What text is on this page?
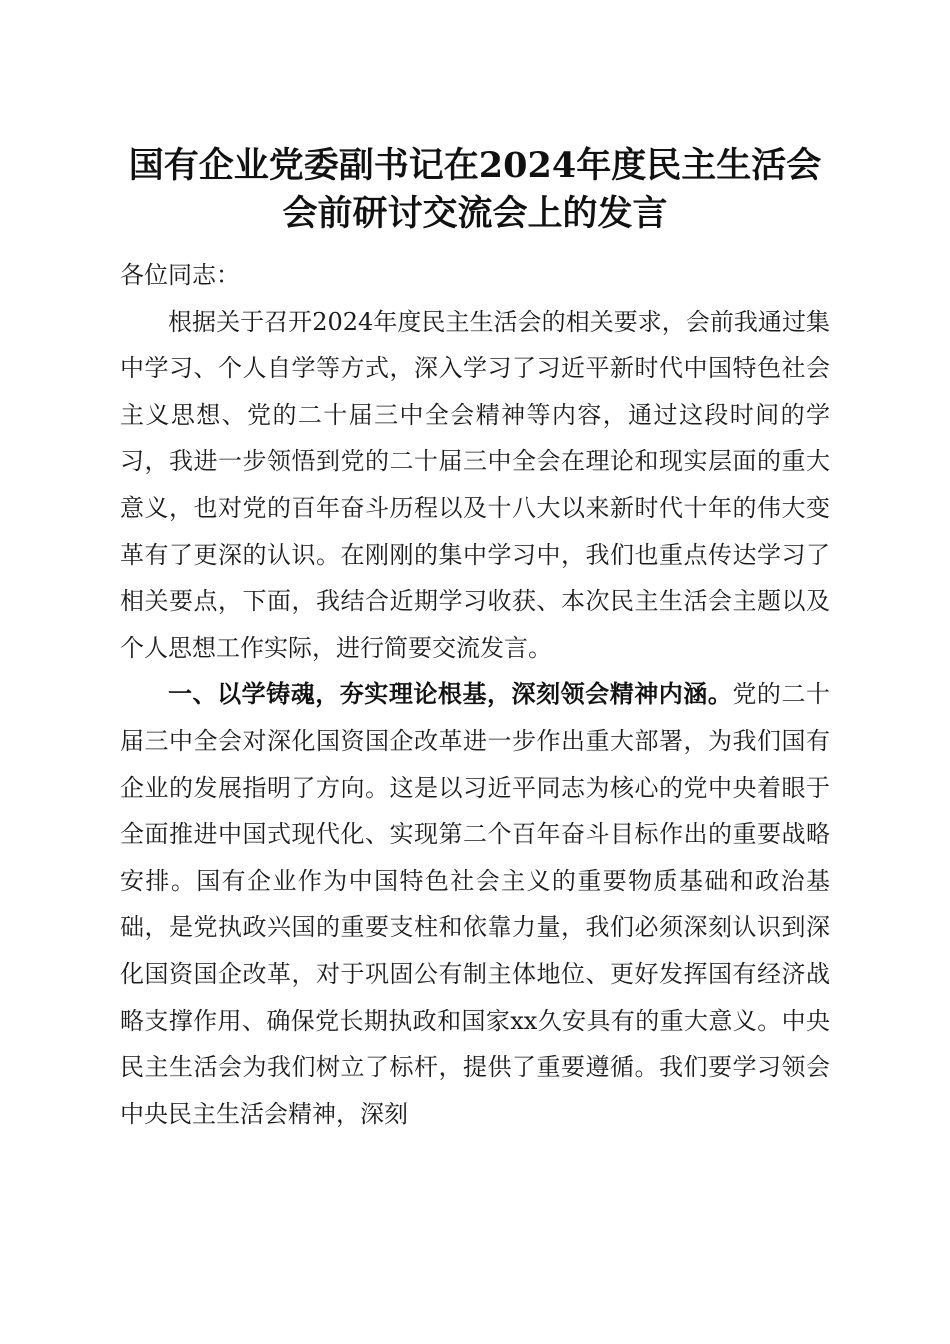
国有企业党委副书记在2024年度民主生活会
会前研讨交流会上的发言

各位同志：

根据关于召开2024年度民主生活会的相关要求，会前我通过集中学习、个人自学等方式，深入学习了习近平新时代中国特色社会主义思想、党的二十届三中全会精神等内容，通过这段时间的学习，我进一步领悟到党的二十届三中全会在理论和现实层面的重大意义，也对党的百年奋斗历程以及十八大以来新时代十年的伟大变革有了更深的认识。在刚刚的集中学习中，我们也重点传达学习了相关要点，下面，我结合近期学习收获、本次民主生活会主题以及个人思想工作实际，进行简要交流发言。

一、以学铸魂，夯实理论根基，深刻领会精神内涵。党的二十届三中全会对深化国资国企改革进一步作出重大部署，为我们国有企业的发展指明了方向。这是以习近平同志为核心的党中央着眼于全面推进中国式现代化、实现第二个百年奋斗目标作出的重要战略安排。国有企业作为中国特色社会主义的重要物质基础和政治基础，是党执政兴国的重要支柱和依靠力量，我们必须深刻认识到深化国资国企改革，对于巩固公有制主体地位、更好发挥国有经济战略支撑作用、确保党长期执政和国家xx久安具有的重大意义。中央民主生活会为我们树立了标杆，提供了重要遵循。我们要学习领会中央民主生活会精神，深刻
